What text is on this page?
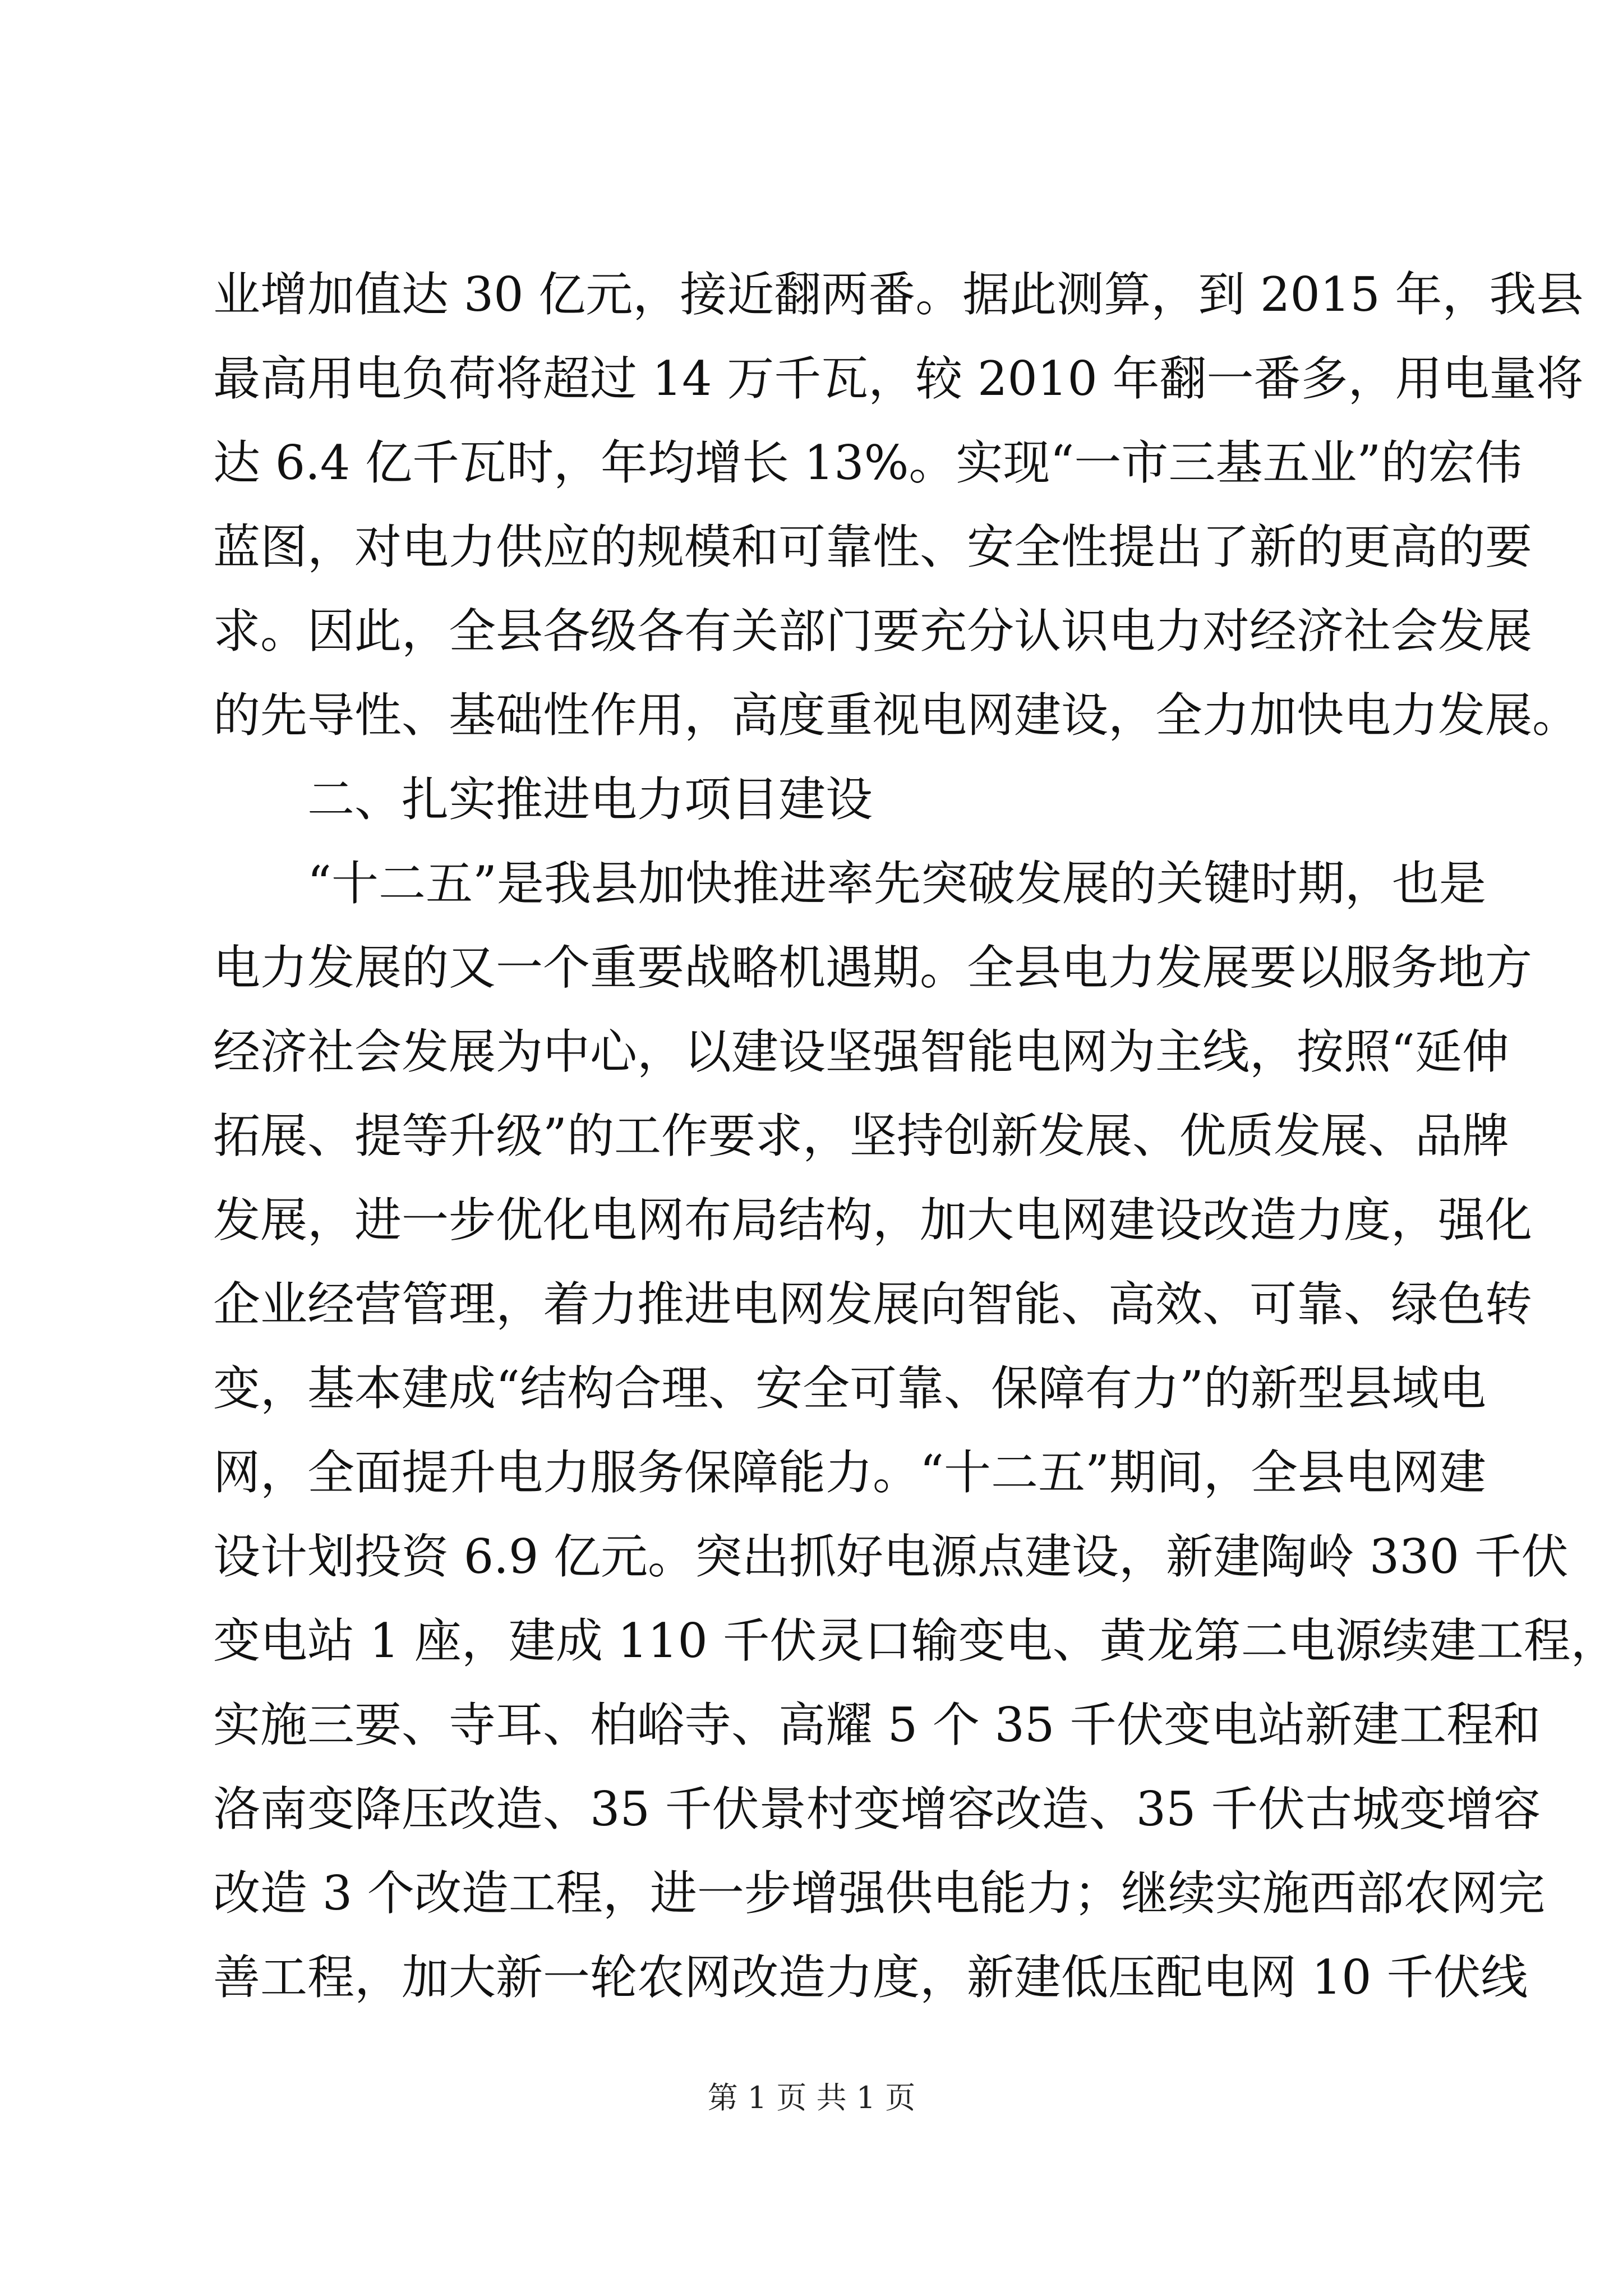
业增加值达 30 亿元，接近翻两番。据此测算，到 2015 年，我县
最高用电负荷将超过 14 万千瓦，较 2010 年翻一番多，用电量将
达 6.4 亿千瓦时，年均增长 13%。实现“一市三基五业”的宏伟
蓝图，对电力供应的规模和可靠性、安全性提出了新的更高的要
求。因此，全县各级各有关部门要充分认识电力对经济社会发展
的先导性、基础性作用，高度重视电网建设，全力加快电力发展。
二、扎实推进电力项目建设
“十二五”是我县加快推进率先突破发展的关键时期，也是
电力发展的又一个重要战略机遇期。全县电力发展要以服务地方
经济社会发展为中心，以建设坚强智能电网为主线，按照“延伸
拓展、提等升级”的工作要求，坚持创新发展、优质发展、品牌
发展，进一步优化电网布局结构，加大电网建设改造力度，强化
企业经营管理，着力推进电网发展向智能、高效、可靠、绿色转
变，基本建成“结构合理、安全可靠、保障有力”的新型县域电
网，全面提升电力服务保障能力。“十二五”期间，全县电网建
设计划投资 6.9 亿元。突出抓好电源点建设，新建陶岭 330 千伏
变电站 1 座，建成 110 千伏灵口输变电、黄龙第二电源续建工程，
实施三要、寺耳、柏峪寺、高耀 5 个 35 千伏变电站新建工程和
洛南变降压改造、35 千伏景村变增容改造、35 千伏古城变增容
改造 3 个改造工程，进一步增强供电能力；继续实施西部农网完
善工程，加大新一轮农网改造力度，新建低压配电网 10 千伏线
第 1 页 共 1 页
